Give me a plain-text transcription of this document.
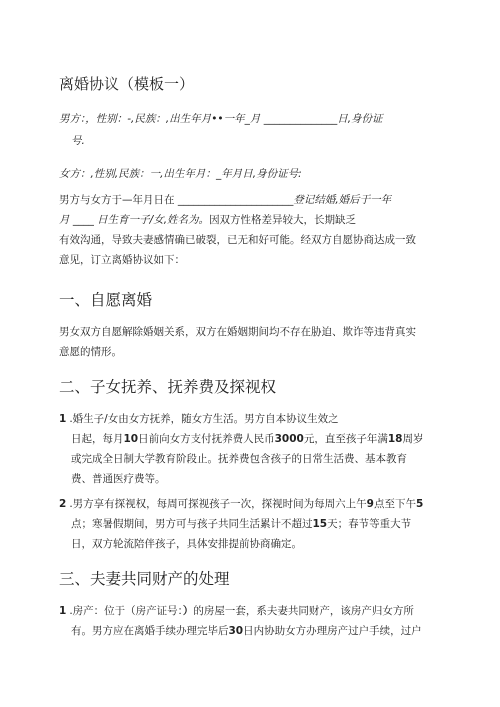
离婚协议（模板一）
男方：，性别：-,民族：,出生年月••一年_月 ______________日,身份证
号.
女方：,性别,民族：一,出生年月：_年月日,身份证号:
男方与女方于—年月日在 ______________________登记结婚,婚后于一年
月 ____ 日生育一子/女,姓名为。因双方性格差异较大，长期缺乏
有效沟通，导致夫妻感情确已破裂，已无和好可能。经双方自愿协商达成一致
意见，订立离婚协议如下：
一、自愿离婚
男女双方自愿解除婚姻关系，双方在婚姻期间均不存在胁迫、欺诈等违背真实
意愿的情形。
二、子女抚养、抚养费及探视权
1 .婚生子/女由女方抚养，随女方生活。男方自本协议生效之
日起，每月10日前向女方支付抚养费人民币3000元，直至孩子年满18周岁
或完成全日制大学教育阶段止。抚养费包含孩子的日常生活费、基本教育
费、普通医疗费等。
2 .男方享有探视权，每周可探视孩子一次，探视时间为每周六上午9点至下午5
点；寒暑假期间，男方可与孩子共同生活累计不超过15天；春节等重大节
日，双方轮流陪伴孩子，具体安排提前协商确定。
三、夫妻共同财产的处理
1 .房产：位于（房产证号：）的房屋一套，系夫妻共同财产，该房产归女方所
有。男方应在离婚手续办理完毕后30日内协助女方办理房产过户手续，过户
